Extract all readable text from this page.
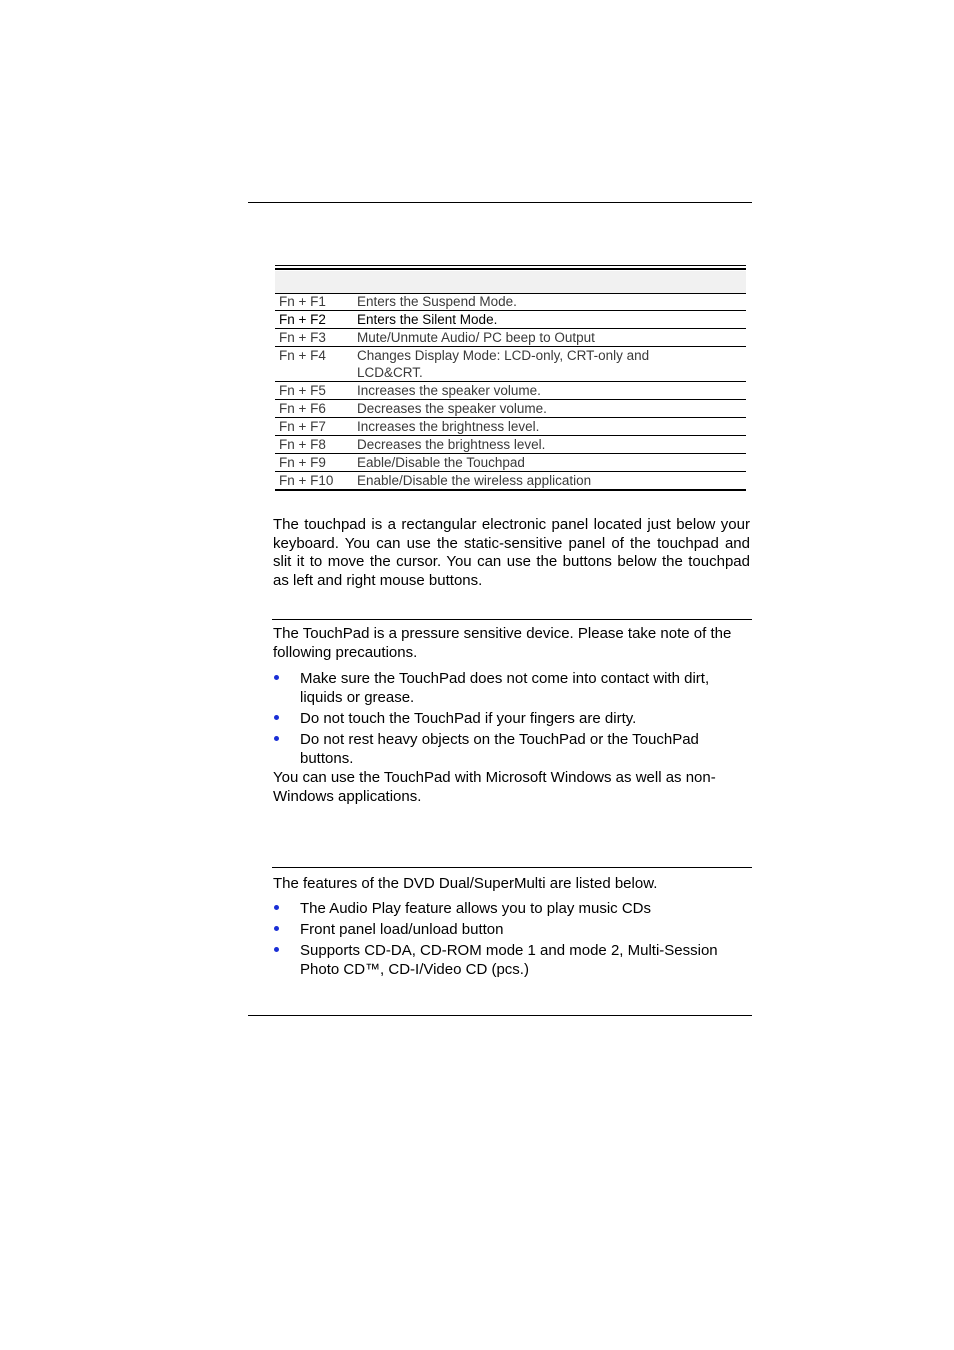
Fn + F1	Enters the Suspend Mode.
Fn + F2	Enters the Silent Mode.
Fn + F3	Mute/Unmute Audio/ PC beep to Output
Fn + F4	Changes Display Mode: LCD-only, CRT-only and LCD&CRT.
Fn + F5	Increases the speaker volume.
Fn + F6	Decreases the speaker volume.
Fn + F7	Increases the brightness level.
Fn + F8	Decreases the brightness level.
Fn + F9	Eable/Disable the Touchpad
Fn + F10	Enable/Disable the wireless application

The touchpad is a rectangular electronic panel located just below your keyboard. You can use the static-sensitive panel of the touchpad and slit it to move the cursor. You can use the buttons below the touchpad as left and right mouse buttons.

The TouchPad is a pressure sensitive device. Please take note of the following precautions.

Make sure the TouchPad does not come into contact with dirt, liquids or grease.
Do not touch the TouchPad if your fingers are dirty.
Do not rest heavy objects on the TouchPad or the TouchPad buttons.

You can use the TouchPad with Microsoft Windows as well as non-Windows applications.

The features of the DVD Dual/SuperMulti are listed below.

The Audio Play feature allows you to play music CDs
Front panel load/unload button
Supports CD-DA, CD-ROM mode 1 and mode 2, Multi-Session Photo CD™, CD-I/Video CD (pcs.)
